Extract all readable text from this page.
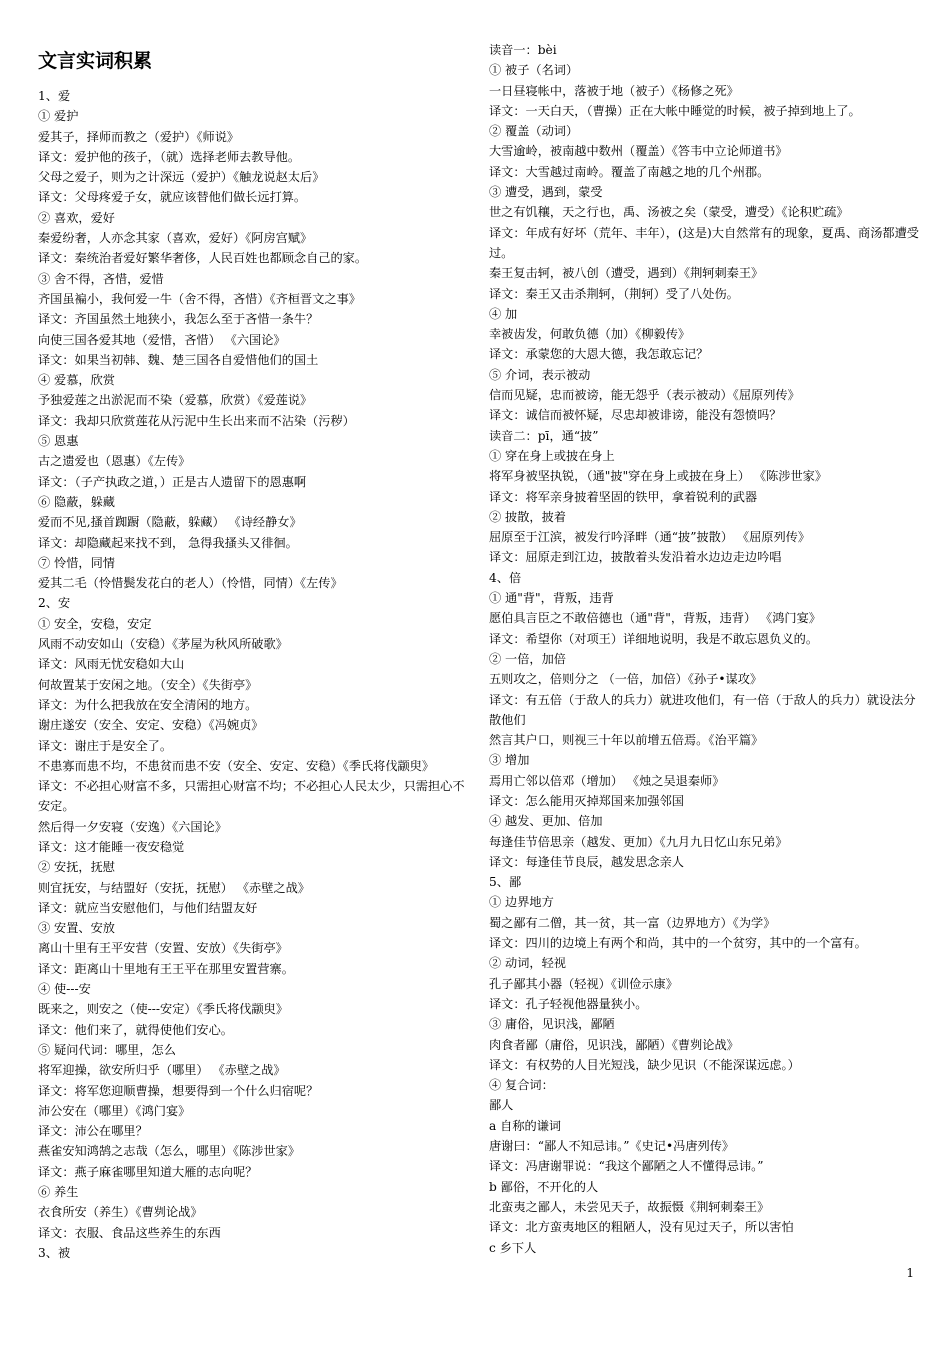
文言实词积累
1、爱
① 爱护
爱其子，择师而教之（爱护）《师说》
译文：爱护他的孩子，（就）选择老师去教导他。
父母之爱子，则为之计深远（爱护）《触龙说赵太后》
译文：父母疼爱子女，就应该替他们做长远打算。
② 喜欢，爱好
秦爱纷奢，人亦念其家（喜欢，爱好）《阿房宫赋》
译文：秦统治者爱好繁华奢侈，人民百姓也都顾念自己的家。
③ 舍不得，吝惜，爱惜
齐国虽褊小，我何爱一牛（舍不得，吝惜）《齐桓晋文之事》
译文：齐国虽然土地狭小，我怎么至于吝惜一条牛？
向使三国各爱其地（爱惜，吝惜） 《六国论》
译文：如果当初韩、魏、楚三国各自爱惜他们的国土
④ 爱慕，欣赏
予独爱莲之出淤泥而不染（爱慕，欣赏）《爱莲说》
译文：我却只欣赏莲花从污泥中生长出来而不沾染（污秽）
⑤ 恩惠
古之遗爱也（恩惠）《左传》
译文：（子产执政之道，）正是古人遗留下的恩惠啊
⑥ 隐蔽，躲藏
爱而不见,搔首踟蹰（隐蔽，躲藏） 《诗经静女》
译文：却隐藏起来找不到， 急得我搔头又徘徊。
⑦ 怜惜，同情
爱其二毛（怜惜鬓发花白的老人）（怜惜，同情）《左传》
2、安
① 安全，安稳，安定
风雨不动安如山（安稳）《茅屋为秋风所破歌》
译文：风雨无忧安稳如大山
何故置某于安闲之地。（安全）《失街亭》
译文：为什么把我放在安全清闲的地方。
谢庄遂安（安全、安定、安稳）《冯婉贞》
译文：谢庄于是安全了。
不患寡而患不均，不患贫而患不安（安全、安定、安稳）《季氏将伐颛臾》
译文：不必担心财富不多，只需担心财富不均；不必担心人民太少，只需担心不安定。
然后得一夕安寝（安逸）《六国论》
译文：这才能睡一夜安稳觉
② 安抚，抚慰
则宜抚安，与结盟好（安抚，抚慰） 《赤壁之战》
译文：就应当安慰他们，与他们结盟友好
③ 安置、安放
离山十里有王平安营（安置、安放）《失街亭》
译文：距离山十里地有王王平在那里安置营寨。
④ 使---安
既来之，则安之（使---安定）《季氏将伐颛臾》
译文：他们来了，就得使他们安心。
⑤ 疑问代词：哪里，怎么
将军迎操，欲安所归乎（哪里） 《赤壁之战》
译文：将军您迎顺曹操，想要得到一个什么归宿呢？
沛公安在（哪里）《鸿门宴》
译文：沛公在哪里？
燕雀安知鸿鹄之志哉（怎么，哪里）《陈涉世家》
译文：燕子麻雀哪里知道大雁的志向呢？
⑥ 养生
衣食所安（养生）《曹刿论战》
译文：衣服、食品这些养生的东西
3、被
读音一：bèi
① 被子（名词）
一日昼寝帐中，落被于地（被子）《杨修之死》
译文：一天白天，（曹操）正在大帐中睡觉的时候，被子掉到地上了。
② 覆盖（动词）
大雪逾岭，被南越中数州（覆盖）《答韦中立论师道书》
译文：大雪越过南岭。覆盖了南越之地的几个州郡。
③ 遭受，遇到，蒙受
世之有饥穰，天之行也，禹、汤被之矣（蒙受，遭受）《论积贮疏》
译文：年成有好坏（荒年、丰年），(这是)大自然常有的现象，夏禹、商汤都遭受过。
秦王复击轲，被八创（遭受，遇到）《荆轲刺秦王》
译文：秦王又击杀荆轲，（荆轲）受了八处伤。
④ 加
幸被齿发，何敢负德（加）《柳毅传》
译文：承蒙您的大恩大德，我怎敢忘记？
⑤ 介词，表示被动
信而见疑，忠而被谤，能无怨乎（表示被动）《屈原列传》
译文：诚信而被怀疑，尽忠却被诽谤，能没有怨愤吗？
读音二：pī，通“披”
① 穿在身上或披在身上
将军身被坚执锐，（通"披"穿在身上或披在身上） 《陈涉世家》
译文：将军亲身披着坚固的铁甲，拿着锐利的武器
② 披散，披着
屈原至于江滨，被发行吟泽畔（通“披”披散） 《屈原列传》
译文：屈原走到江边，披散着头发沿着水边边走边吟唱
4、倍
① 通"背"，背叛，违背
愿伯具言臣之不敢倍德也（通"背"，背叛，违背） 《鸿门宴》
译文：希望你（对项王）详细地说明，我是不敢忘恩负义的。
② 一倍，加倍
五则攻之，倍则分之 （一倍，加倍）《孙子•谋攻》
译文：有五倍（于敌人的兵力）就进攻他们，有一倍（于敌人的兵力）就设法分散他们
然言其户口，则视三十年以前增五倍焉。《治平篇》
③ 增加
焉用亡邻以倍邓（增加） 《烛之吴退秦师》
译文：怎么能用灭掉郑国来加强邻国
④ 越发、更加、倍加
每逢佳节倍思亲（越发、更加）《九月九日忆山东兄弟》
译文：每逢佳节良辰，越发思念亲人
5、鄙
① 边界地方
蜀之鄙有二僧，其一贫，其一富（边界地方）《为学》
译文：四川的边境上有两个和尚，其中的一个贫穷，其中的一个富有。
② 动词，轻视
孔子鄙其小器（轻视）《训俭示康》
译文：孔子轻视他器量狭小。
③ 庸俗，见识浅，鄙陋
肉食者鄙（庸俗，见识浅，鄙陋）《曹刿论战》
译文：有权势的人目光短浅，缺少见识（不能深谋远虑。）
④ 复合词：
鄙人
a 自称的谦词
唐谢曰：“鄙人不知忌讳。”《史记•冯唐列传》
译文：冯唐谢罪说：“我这个鄙陋之人不懂得忌讳。”
b 鄙俗，不开化的人
北蛮夷之鄙人，未尝见天子，故振慑《荆轲刺秦王》
译文：北方蛮夷地区的粗陋人，没有见过天子，所以害怕
c 乡下人
1
